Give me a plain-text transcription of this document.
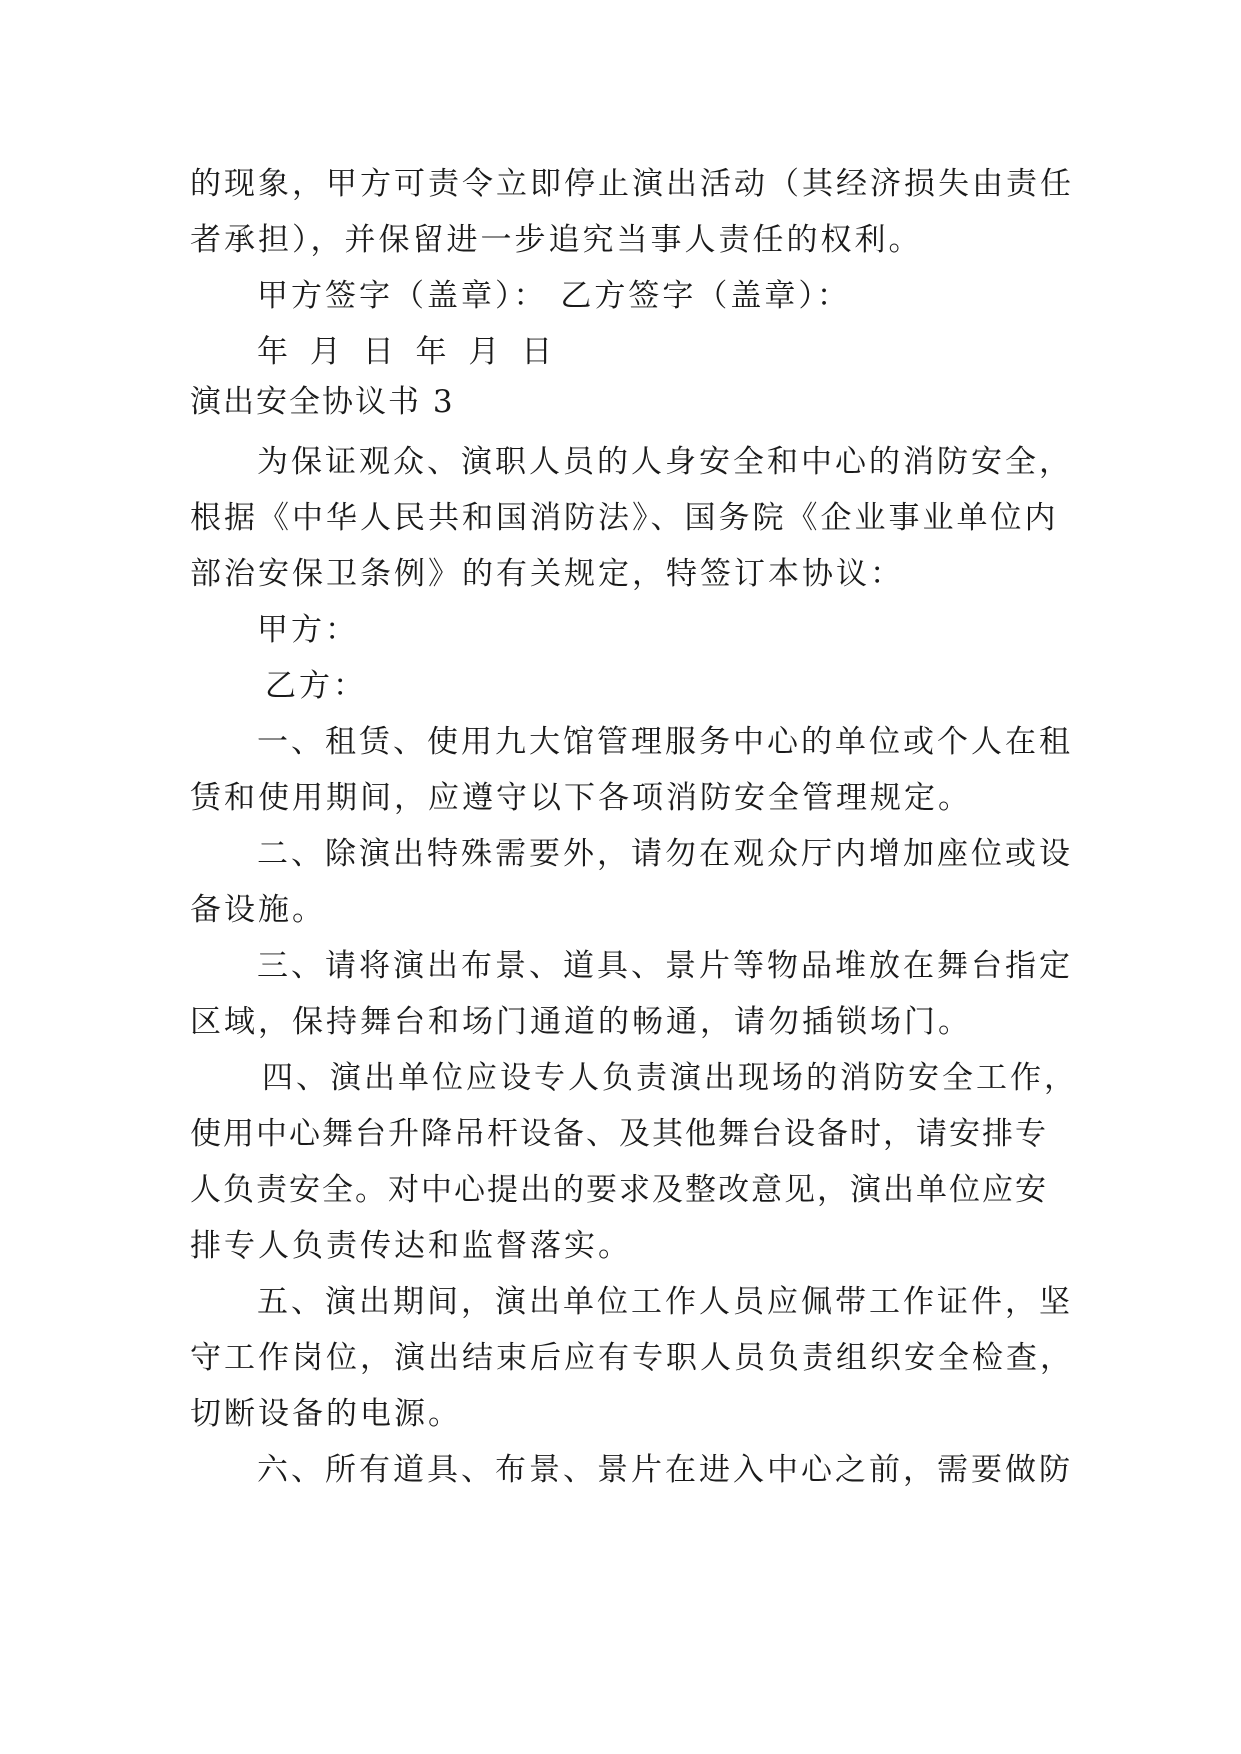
的现象，甲方可责令立即停止演出活动（其经济损失由责任
者承担），并保留进一步追究当事人责任的权利。
甲方签字（盖章）： 乙方签字（盖章）：
年 月 日 年 月 日
演出安全协议书 3
为保证观众、演职人员的人身安全和中心的消防安全，
根据《中华人民共和国消防法》、国务院《企业事业单位内
部治安保卫条例》的有关规定，特签订本协议：
甲方：
乙方：
一、租赁、使用九大馆管理服务中心的单位或个人在租
赁和使用期间，应遵守以下各项消防安全管理规定。
二、除演出特殊需要外，请勿在观众厅内增加座位或设
备设施。
三、请将演出布景、道具、景片等物品堆放在舞台指定
区域，保持舞台和场门通道的畅通，请勿插锁场门。
四、演出单位应设专人负责演出现场的消防安全工作，
使用中心舞台升降吊杆设备、及其他舞台设备时，请安排专
人负责安全。对中心提出的要求及整改意见，演出单位应安
排专人负责传达和监督落实。
五、演出期间，演出单位工作人员应佩带工作证件，坚
守工作岗位，演出结束后应有专职人员负责组织安全检查，
切断设备的电源。
六、所有道具、布景、景片在进入中心之前，需要做防
